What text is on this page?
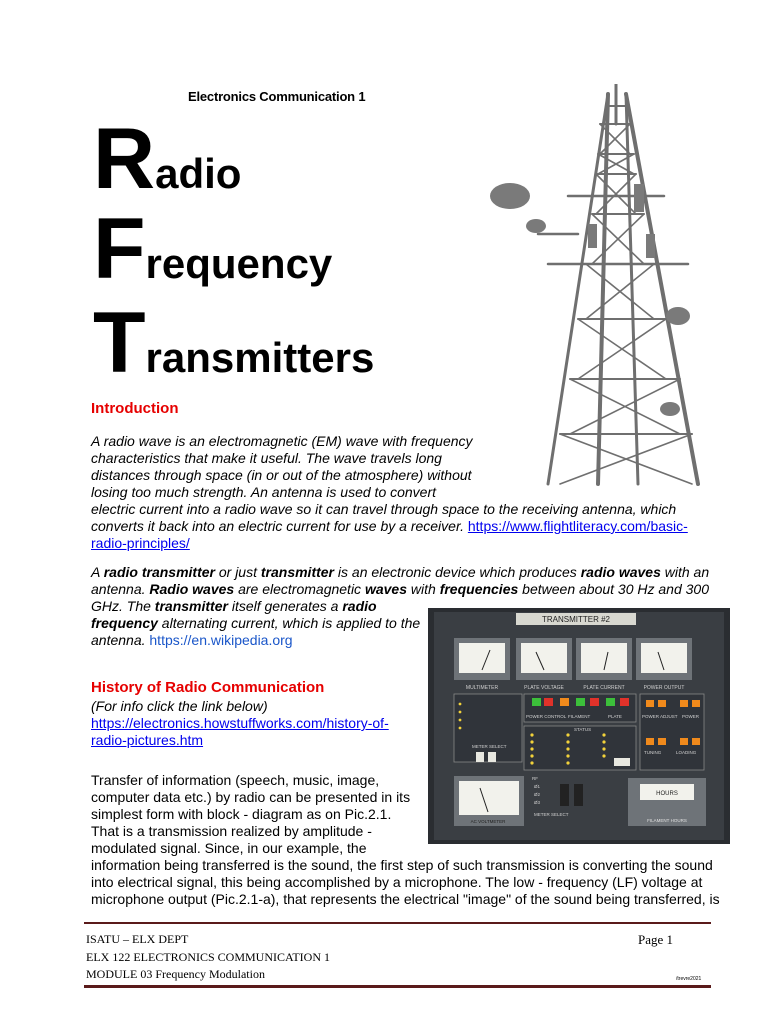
Electronics Communication 1
Radio
Frequency
Transmitters
Introduction
A radio wave is an electromagnetic (EM) wave with frequency
characteristics that make it useful. The wave travels long
distances through space (in or out of the atmosphere) without
losing too much strength. An antenna is used to convert
electric current into a radio wave so it can travel through space to the receiving antenna, which
converts it back into an electric current for use by a receiver. https://www.flightliteracy.com/basic-
radio-principles/
A radio transmitter or just transmitter is an electronic device which produces radio waves with an
antenna. Radio waves are electromagnetic waves with frequencies between about 30 Hz and 300
GHz. The transmitter itself generates a radio
frequency alternating current, which is applied to the
antenna. https://en.wikipedia.org
TRANSMITTER #2
MULTIMETER	PLATE VOLTAGE	PLATE CURRENT	POWER OUTPUT
POWER CONTROL FILAMENT	PLATE	POWER ADJUST POWER
STATUS
TUNING	LOADING
METER SELECT
AC VOLTMETER
Ø1
Ø2
Ø3
RF
METER SELECT
HOURS
FILAMENT HOURS
History of Radio Communication
(For info click the link below)
https://electronics.howstuffworks.com/history-of-
radio-pictures.htm
Transfer of information (speech, music, image,
computer data etc.) by radio can be presented in its
simplest form with block - diagram as on Pic.2.1.
That is a transmission realized by amplitude -
modulated signal. Since, in our example, the
information being transferred is the sound, the first step of such transmission is converting the sound
into electrical signal, this being accomplished by a microphone. The low - frequency (LF) voltage at
microphone output (Pic.2.1-a), that represents the electrical "image" of the sound being transferred, is
ISATU – ELX DEPT
ELX 122 ELECTRONICS COMMUNICATION 1
MODULE 03 Frequency Modulation
Page 1
/trevre2021
